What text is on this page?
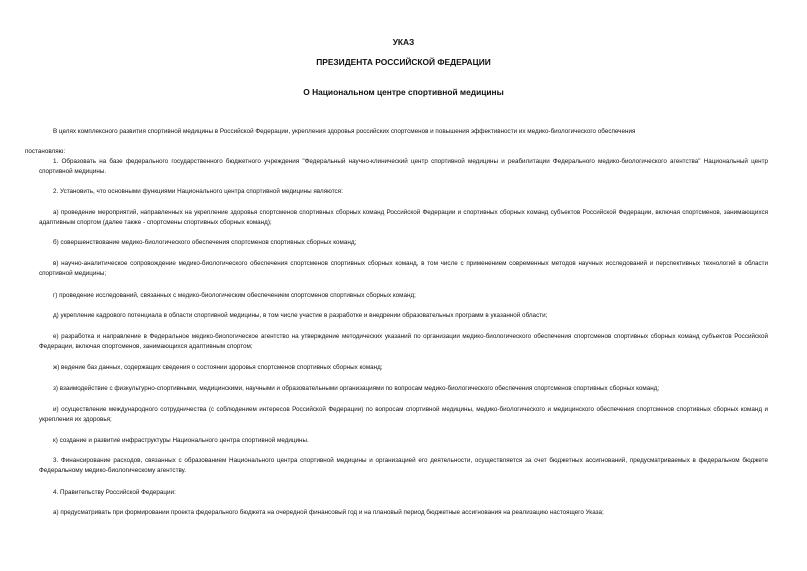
УКАЗ
ПРЕЗИДЕНТА РОССИЙСКОЙ ФЕДЕРАЦИИ
О Национальном центре спортивной медицины

В целях комплексного развития спортивной медицины в Российской Федерации, укрепления здоровья российских спортсменов и повышения эффективности их медико-биологического обеспечения

постановляю:

1. Образовать на базе федерального государственного бюджетного учреждения "Федеральный научно-клинический центр спортивной медицины и реабилитации Федерального медико-биологического агентства" Национальный центр спортивной медицины.

2. Установить, что основными функциями Национального центра спортивной медицины являются:

а) проведение мероприятий, направленных на укрепление здоровья спортсменов спортивных сборных команд Российской Федерации и спортивных сборных команд субъектов Российской Федерации, включая спортсменов, занимающихся адаптивным спортом (далее также - спортсмены спортивных сборных команд);

б) совершенствование медико-биологического обеспечения спортсменов спортивных сборных команд;

в) научно-аналитическое сопровождение медико-биологического обеспечения спортсменов спортивных сборных команд, в том числе с применением современных методов научных исследований и перспективных технологий в области спортивной медицины;

г) проведение исследований, связанных с медико-биологическим обеспечением спортсменов спортивных сборных команд;

д) укрепление кадрового потенциала в области спортивной медицины, в том числе участие в разработке и внедрении образовательных программ в указанной области;

е) разработка и направление в Федеральное медико-биологическое агентство на утверждение методических указаний по организации медико-биологического обеспечения спортсменов спортивных сборных команд субъектов Российской Федерации, включая спортсменов, занимающихся адаптивным спортом;

ж) ведение баз данных, содержащих сведения о состоянии здоровья спортсменов спортивных сборных команд;

з) взаимодействие с физкультурно-спортивными, медицинскими, научными и образовательными организациями по вопросам медико-биологического обеспечения спортсменов спортивных сборных команд;

и) осуществление международного сотрудничества (с соблюдением интересов Российской Федерации) по вопросам спортивной медицины, медико-биологического и медицинского обеспечения спортсменов спортивных сборных команд и укрепления их здоровья;

к) создание и развитие инфраструктуры Национального центра спортивной медицины.

3. Финансирование расходов, связанных с образованием Национального центра спортивной медицины и организацией его деятельности, осуществляется за счет бюджетных ассигнований, предусматриваемых в федеральном бюджете Федеральному медико-биологическому агентству.

4. Правительству Российской Федерации:

а) предусматривать при формировании проекта федерального бюджета на очередной финансовый год и на плановый период бюджетные ассигнования на реализацию настоящего Указа;
